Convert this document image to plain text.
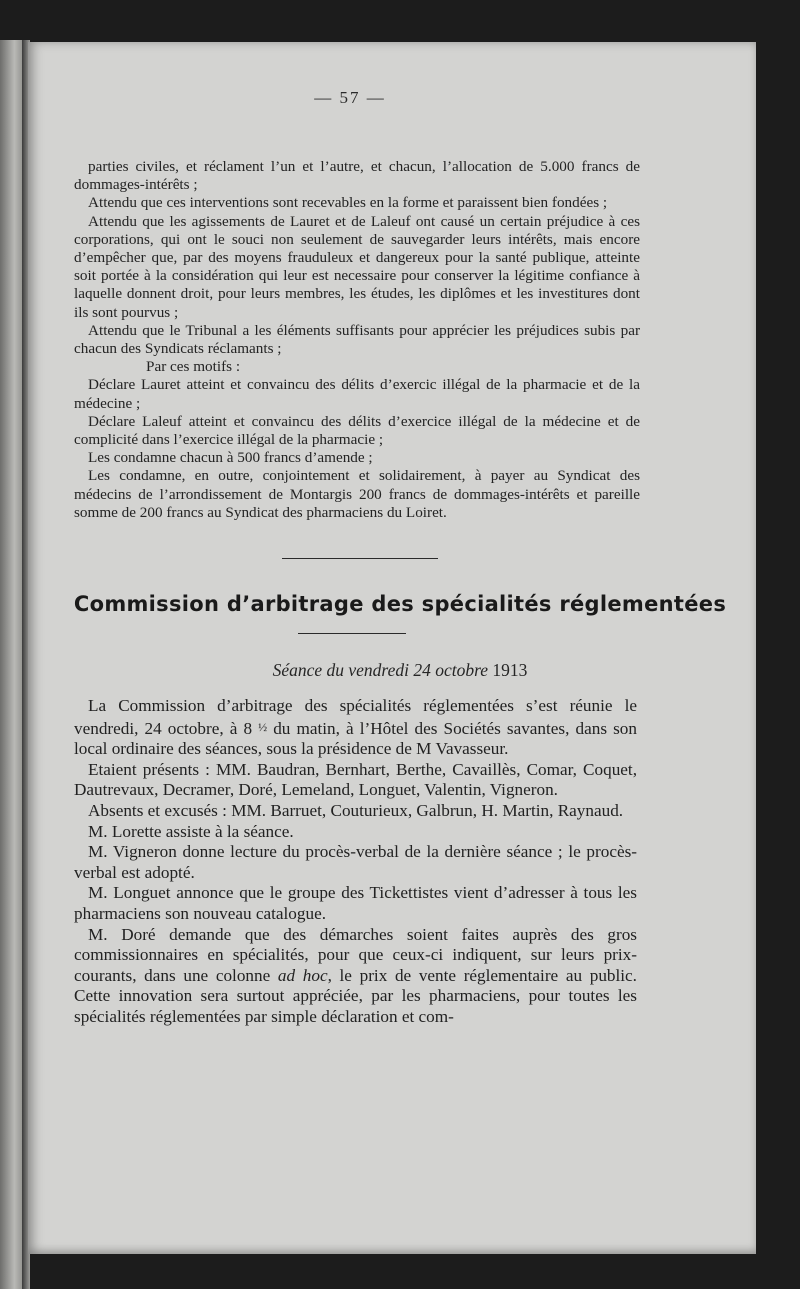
— 57 —

parties civiles, et réclament l’un et l’autre, et chacun, l’allocation de 5.000 francs de dommages-intérêts ;

Attendu que ces interventions sont recevables en la forme et paraissent bien fondées ;

Attendu que les agissements de Lauret et de Laleuf ont causé un certain préjudice à ces corporations, qui ont le souci non seulement de sauvegarder leurs intérêts, mais encore d’empêcher que, par des moyens frauduleux et dangereux pour la santé publique, atteinte soit portée à la considération qui leur est necessaire pour conserver la légitime confiance à laquelle donnent droit, pour leurs membres, les études, les diplômes et les investitures dont ils sont pourvus ;

Attendu que le Tribunal a les éléments suffisants pour apprécier les préjudices subis par chacun des Syndicats réclamants ;

Par ces motifs :

Déclare Lauret atteint et convaincu des délits d’exercic illégal de la pharmacie et de la médecine ;

Déclare Laleuf atteint et convaincu des délits d’exercice illégal de la médecine et de complicité dans l’exercice illégal de la pharmacie ;

Les condamne chacun à 500 francs d’amende ;

Les condamne, en outre, conjointement et solidairement, à payer au Syndicat des médecins de l’arrondissement de Montargis 200 francs de dommages-intérêts et pareille somme de 200 francs au Syndicat des pharmaciens du Loiret.

Commission d’arbitrage des spécialités réglementées
Séance du vendredi 24 octobre 1913

La Commission d’arbitrage des spécialités réglementées s’est réunie le vendredi, 24 octobre, à 8 ½ du matin, à l’Hôtel des Sociétés savantes, dans son local ordinaire des séances, sous la présidence de M Vavasseur.

Etaient présents : MM. Baudran, Bernhart, Berthe, Cavaillès, Comar, Coquet, Dautrevaux, Decramer, Doré, Lemeland, Longuet, Valentin, Vigneron.

Absents et excusés : MM. Barruet, Couturieux, Galbrun, H. Martin, Raynaud.

M. Lorette assiste à la séance.

M. Vigneron donne lecture du procès-verbal de la dernière séance ; le procès-verbal est adopté.

M. Longuet annonce que le groupe des Tickettistes vient d’adresser à tous les pharmaciens son nouveau catalogue.

M. Doré demande que des démarches soient faites auprès des gros commissionnaires en spécialités, pour que ceux-ci indiquent, sur leurs prix-courants, dans une colonne ad hoc, le prix de vente réglementaire au public. Cette innovation sera surtout appréciée, par les pharmaciens, pour toutes les spécialités réglementées par simple déclaration et com-
